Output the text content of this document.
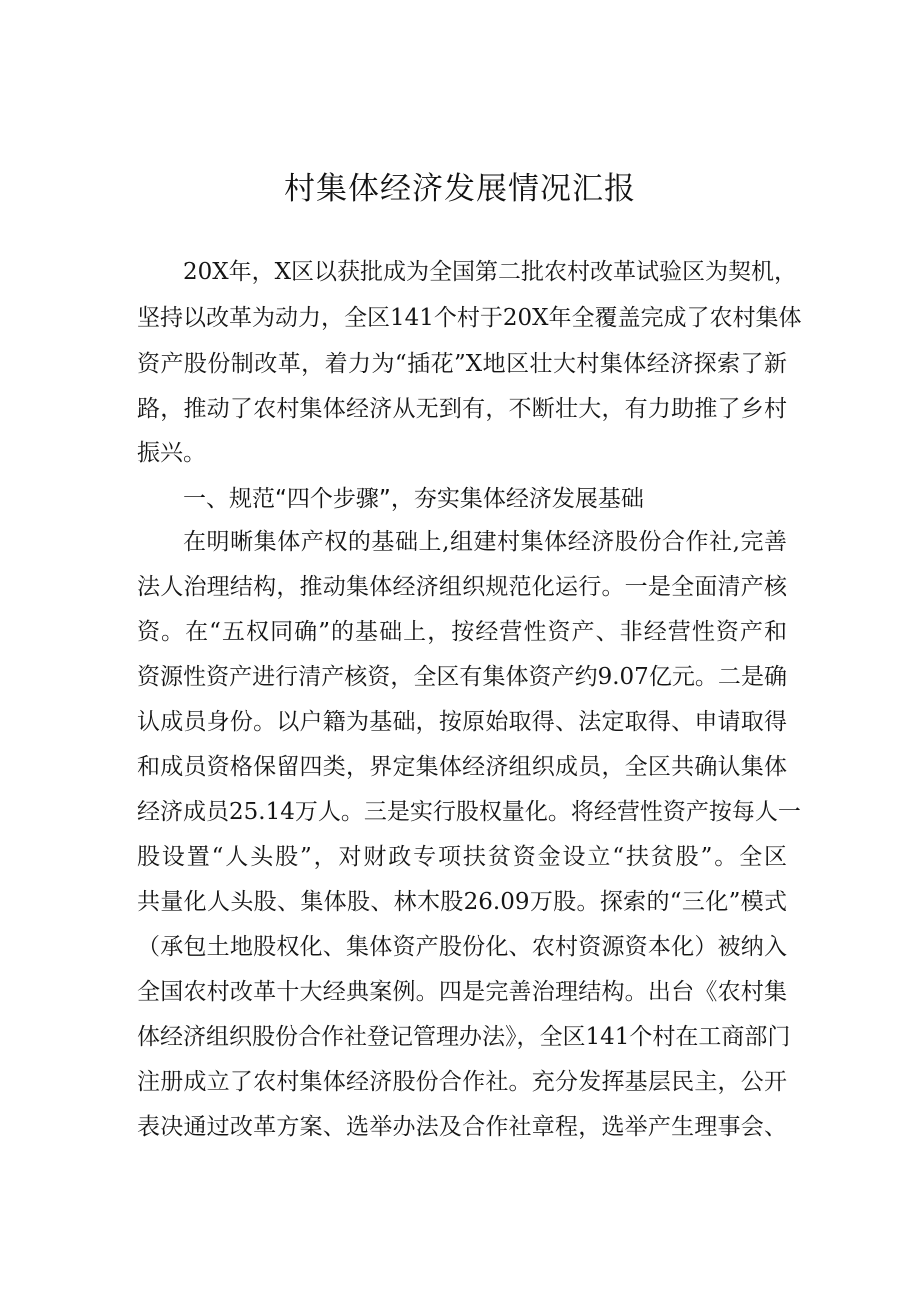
村集体经济发展情况汇报
20X年，X区以获批成为全国第二批农村改革试验区为契机，
坚持以改革为动力，全区141个村于20X年全覆盖完成了农村集体
资产股份制改革，着力为“插花”X地区壮大村集体经济探索了新
路，推动了农村集体经济从无到有，不断壮大，有力助推了乡村
振兴。
一、规范“四个步骤”，夯实集体经济发展基础
在明晰集体产权的基础上,组建村集体经济股份合作社,完善
法人治理结构，推动集体经济组织规范化运行。一是全面清产核
资。在“五权同确”的基础上，按经营性资产、非经营性资产和
资源性资产进行清产核资，全区有集体资产约9.07亿元。二是确
认成员身份。以户籍为基础，按原始取得、法定取得、申请取得
和成员资格保留四类，界定集体经济组织成员，全区共确认集体
经济成员25.14万人。三是实行股权量化。将经营性资产按每人一
股设置“人头股”，对财政专项扶贫资金设立“扶贫股”。全区
共量化人头股、集体股、林木股26.09万股。探索的“三化”模式
（承包土地股权化、集体资产股份化、农村资源资本化）被纳入
全国农村改革十大经典案例。四是完善治理结构。出台《农村集
体经济组织股份合作社登记管理办法》，全区141个村在工商部门
注册成立了农村集体经济股份合作社。充分发挥基层民主，公开
表决通过改革方案、选举办法及合作社章程，选举产生理事会、
